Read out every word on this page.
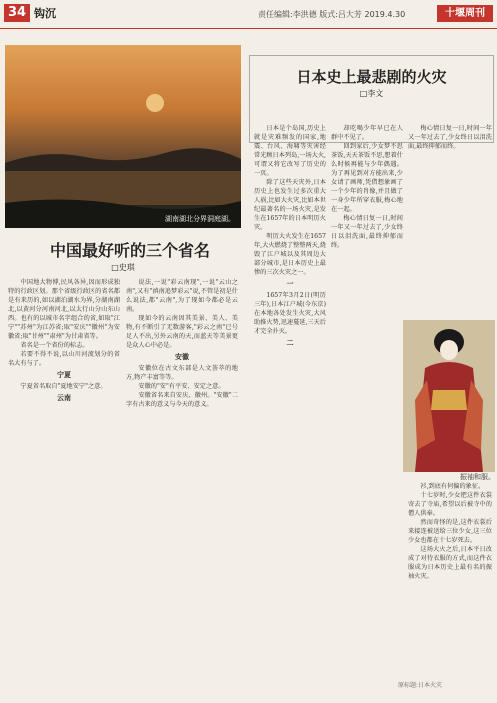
34 钩沉	责任编辑:李洪德 版式:吕大芳 2019.4.30	十堰周刊
湖南湖北分界洞庭湖。
中国最好听的三个省名
□史琪

中国地大物博,民风各异,因而形成独特的行政区划。那个省级行政区的省名都是有来历的,如以湖泊湖水为界,分湖南湖北,以黄河分河南河北,以太行山分山东山西。也有的以城市名字组合的省,如取"江宁""苏州"为江苏省;取"安庆""徽州"为安徽省;取"甘州""肃州"为甘肃省等。

省名是一个省份的标志。

若要不得不说,以山川河流划分的省名大有与了。

宁夏

宁夏省名取自"夏地安宁"之意。

云南

说法,一说"彩云南现",一说"云山之南",又有"滇南追梦彩云"说,不管是初是什么说法,都"云南",为了现如今都必是云南。

现如今的云南因其美景、美人、美物,有不断引了无数游客,"彩云之南"已号足人不出,另外云南的天,而蓝天等美景更是众人心中必是。

安徽

安徽位在古文东部是人文荟萃的地方,物产丰富等等。

安徽的"安"有平安、安定之意。

安徽省名来自安庆、徽州。"安徽"二字有古来的意义与今天的意义。

日本史上最悲剧的火灾
□李文

日本是个岛国,历史上就是灾难频发的国家,地震、台风、海啸等灾害经常光顾日本列岛,一场大火,可谓又将它改写了历史的一页。

除了这些天灾外,日本历史上也发生过多次重大人祸,比如大火灾,比如本世纪最著名的一场火灾,是发生在1657年的日本明历火灾。

明历大火发生在1657年,大火燃烧了整整两天,烧毁了江户城以及其周边大部分城市,是日本历史上最惨的三次火灾之一。

一

1657年3月2日(明历三年),日本江户城(今东京)在本地各处发生火灾,大风助推火势,迅速蔓延,三天后才完全扑灭。

二

却吃喝少年早已在人群中不见了。

回到家后,少女梦不思茶饭,天天茶饭不思,想着什么时候再能与少年偶遇。为了再见到对方能出来,少女请了画师,凭借想象画了一个少年的肖像,并且做了一身少年所穿衣服,梅心地在一起。

梅心情日复一日,时间一年又一年过去了,少女终日以泪洗面,最终抑郁而终。

梅心情日复一日,时间一年又一年过去了,少女终日以泪洗面,最终抑郁而终。

振袖和服。

衫,到底有何偏的象征。

十七岁时,少女把这件衣裳寄去了寺庙,希望以后被寺中的僧人供奉。

然而奇怪的是,这件衣裳后来接连被送给三位少女,这三位少女也都在十七岁死去。

这场大火之后,日本平日改成了对待衣服的方式,而这件衣服成为日本历史上最有名的振袖火灾。

原标题:日本火灾
